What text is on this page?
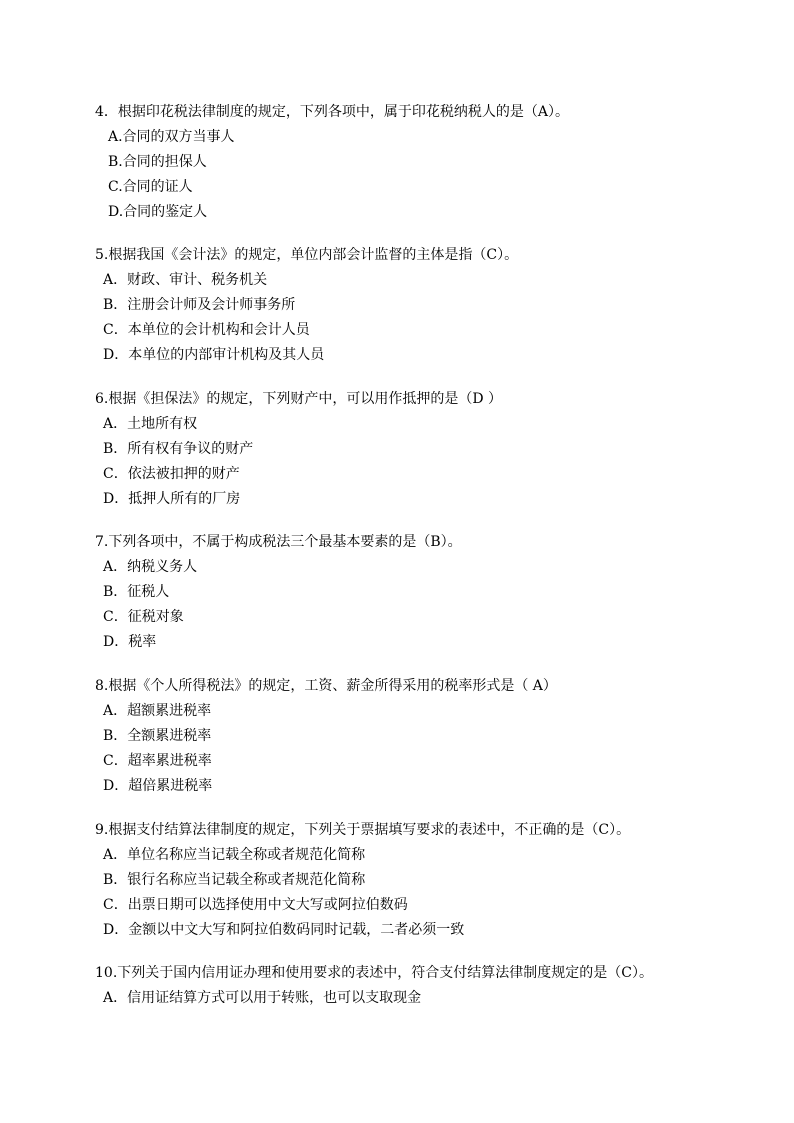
4．根据印花税法律制度的规定，下列各项中，属于印花税纳税人的是（A）。
A.合同的双方当事人
B.合同的担保人
C.合同的证人
D.合同的鉴定人
5.根据我国《会计法》的规定，单位内部会计监督的主体是指（C）。
A．财政、审计、税务机关
B．注册会计师及会计师事务所
C．本单位的会计机构和会计人员
D．本单位的内部审计机构及其人员
6.根据《担保法》的规定，下列财产中，可以用作抵押的是（D ）
A．土地所有权
B．所有权有争议的财产
C．依法被扣押的财产
D．抵押人所有的厂房
7.下列各项中，不属于构成税法三个最基本要素的是（B）。
A．纳税义务人
B．征税人
C．征税对象
D．税率
8.根据《个人所得税法》的规定，工资、薪金所得采用的税率形式是（ A）
A．超额累进税率
B．全额累进税率
C．超率累进税率
D．超倍累进税率
9.根据支付结算法律制度的规定，下列关于票据填写要求的表述中，不正确的是（C）。
A．单位名称应当记载全称或者规范化简称
B．银行名称应当记载全称或者规范化简称
C．出票日期可以选择使用中文大写或阿拉伯数码
D．金额以中文大写和阿拉伯数码同时记载，二者必须一致
10.下列关于国内信用证办理和使用要求的表述中，符合支付结算法律制度规定的是（C）。
A．信用证结算方式可以用于转账，也可以支取现金
